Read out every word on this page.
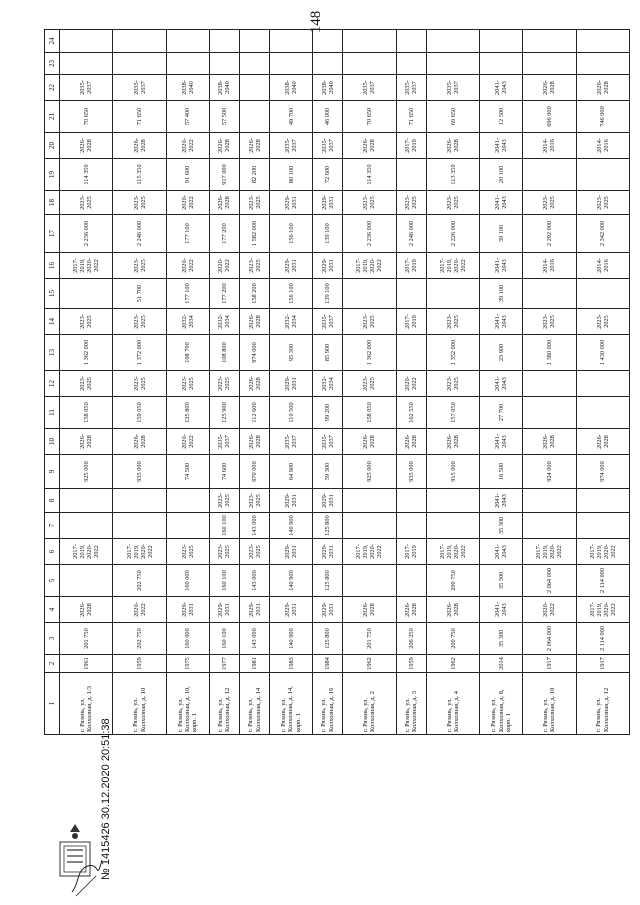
148
1	2	3	4	5	6	7	8	9	10	11	12	13	14	15	16	17	18	19	20	21	22	23	24
г. Рязань, ул. Колхозная, д. 1/3	1961	201 750	2026-2028		2017-2019, 2020-2022			925 000	2026-2028	158 050	2023-2025	1 362 000	2023-2025		2017-2019, 2020-2022	2 236 000	2023-2025	114 350	2026-2028	70 650	2035-2037		
г. Рязань, ул. Колхозная, д. 10	1959	202 750	2020-2022	202 750	2017-2019, 2020-2022			935 000	2026-2028	159 050	2023-2025	1 372 000	2023-2025	51 700	2023-2025	2 246 000	2023-2025	115 350	2026-2028	71 650	2035-2037		
г. Рязань, ул. Колхозная, д. 10, корп. 1	1975	160 000	2029-2031	160 000	2023-2025			74 500	2020-2022	125 800	2023-2025	108 700	2032-2034	177 100	2020-2022	177 100	2020-2022	91 600	2020-2022	57 400	2038-2040		
г. Рязань, ул. Колхозная, д. 12	1977	160 100	2029-2031	160 100	2023-2025	160 100	2023-2025	74 600	2035-2037	125 900	2023-2025	108 800	2032-2034	177 200	2020-2022	177 200	2026-2028	917 000	2026-2028	57 500	2038-2040		
г. Рязань, ул. Колхозная, д. 14	1981	143 000	2029-2031	143 000	2023-2025	143 000	2023-2025	670 000	2026-2028	112 600	2026-2028	974 000	2026-2028	158 200	2023-2025	1 582 000	2023-2025	82 200	2026-2028				
г. Рязань, ул. Колхозная, д. 14, корп. 1	1983	140 900	2029-2031	140 900	2029-2031	140 900	2029-2031	64 900	2035-2037	110 500	2029-2031	95 300	2032-2034	156 100	2029-2031	156 100	2029-2031	80 100	2035-2037	49 700	2038-2040		
г. Рязань, ул. Колхозная, д. 16	1984	125 800	2029-2031	125 800	2029-2031	125 800	2029-2031	59 300	2035-2037	99 200	2032-2034	85 900	2035-2037	139 100	2029-2031	139 100	2029-2031	72 600	2035-2037	46 000	2038-2040		
г. Рязань, ул. Колхозная, д. 2	1962	201 750	2026-2028		2017-2019, 2020-2022			925 000	2026-2028	158 050	2023-2025	1 362 000	2023-2025		2017-2019, 2020-2022	2 236 000	2023-2025	114 350	2026-2028	70 650	2035-2037		
г. Рязань, ул. Колхозная, д. 3	1959	206 250	2026-2028		2017-2019			935 000	2026-2028	162 550	2020-2022		2017-2019		2017-2019	2 246 000	2023-2025		2017-2019	71 650	2035-2037		
г. Рязань, ул. Колхозная, д. 4	1962	200 750	2026-2028	200 750	2017-2019, 2020-2022			915 000	2026-2028	157 050	2023-2025	1 352 000	2023-2025		2017-2019, 2020-2022	2 226 000	2023-2025	113 350	2026-2028	69 650	2035-2037		
г. Рязань, ул. Колхозная, д. 8, корп. 1	2014	35 300	2041-2043	35 300	2041-2043	35 300	2041-2043	16 500	2041-2043	27 700	2041-2043	23 900	2041-2043	39 100	2041-2043	39 100	2041-2043	20 100	2041-2043	12 500	2041-2043		
г. Рязань, ул. Колхозная, д. 10	1917	2 064 000	2020-2022	2 064 000	2017-2019, 2020-2022			924 000	2026-2028			1 380 000	2023-2025		2014-2016	2 292 000	2023-2025		2014-2016	696 000	2026-2028		
г. Рязань, ул. Колхозная, д. 12	1917	2 114 000	2017-2019, 2020-2022	2 114 000	2017-2019, 2020-2022			974 000	2026-2028			1 430 000	2023-2025		2014-2016	2 342 000	2023-2025		2014-2016	746 000	2026-2028		
№ 1415426 30.12.2020 20:51:38
